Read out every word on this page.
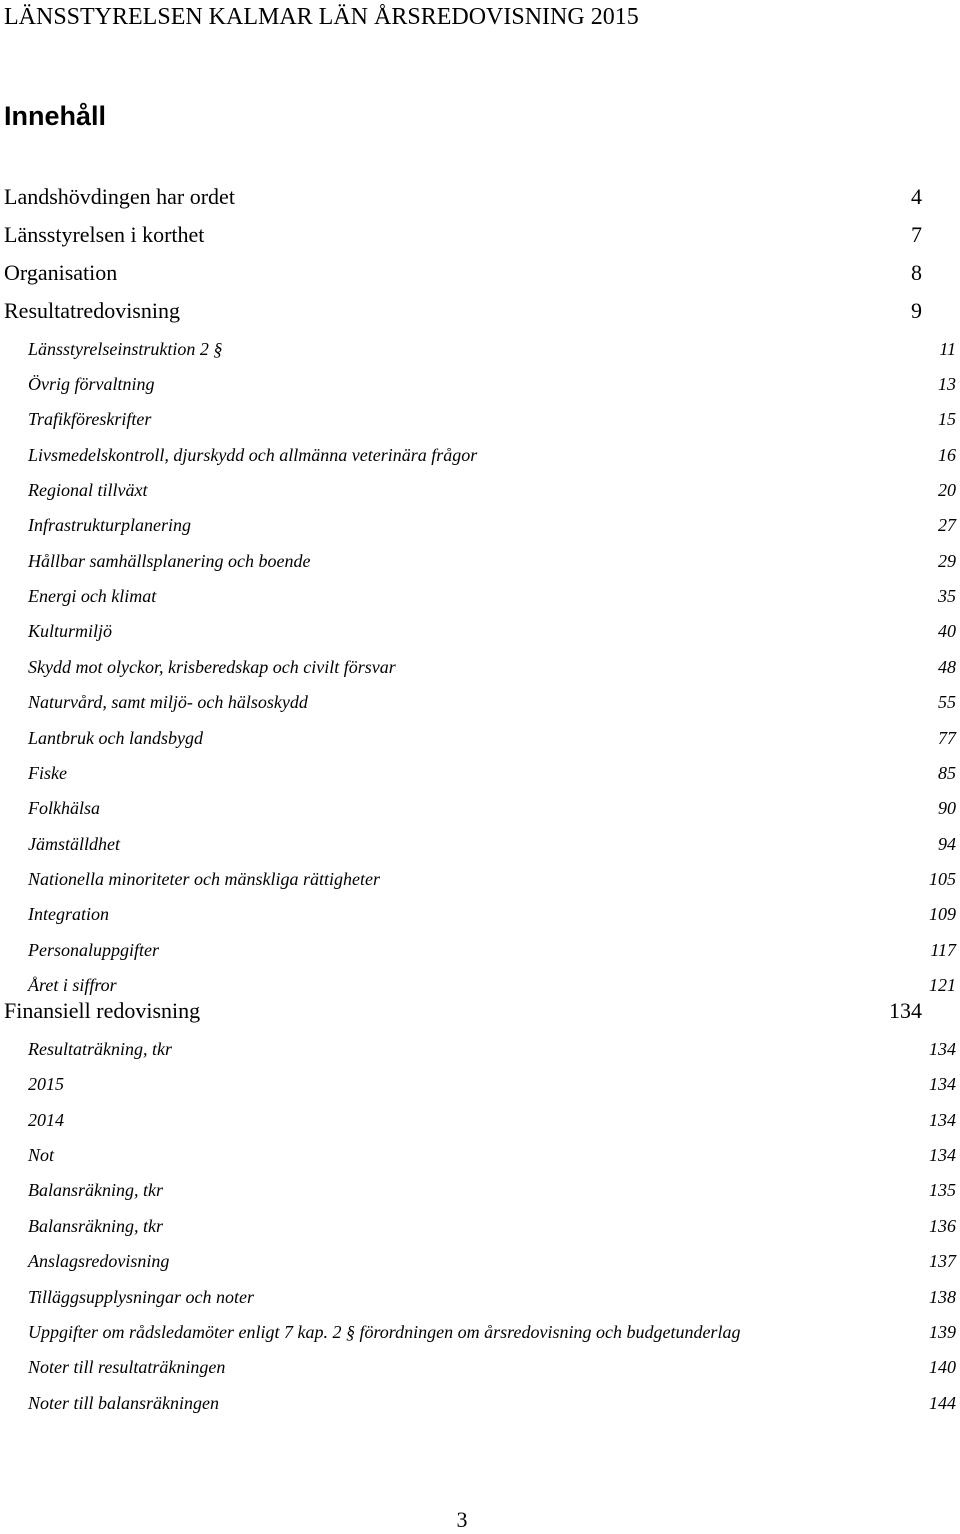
LÄNSSTYRELSEN KALMAR LÄN ÅRSREDOVISNING 2015
Innehåll
Landshövdingen har ordet	4
Länsstyrelsen i korthet	7
Organisation	8
Resultatredovisning	9
Länsstyrelseinstruktion 2 §	11
Övrig förvaltning	13
Trafikföreskrifter	15
Livsmedelskontroll, djurskydd och allmänna veterinära frågor	16
Regional tillväxt	20
Infrastrukturplanering	27
Hållbar samhällsplanering och boende	29
Energi och klimat	35
Kulturmiljö	40
Skydd mot olyckor, krisberedskap och civilt försvar	48
Naturvård, samt miljö- och hälsoskydd	55
Lantbruk och landsbygd	77
Fiske	85
Folkhälsa	90
Jämställdhet	94
Nationella minoriteter och mänskliga rättigheter	105
Integration	109
Personaluppgifter	117
Året i siffror	121
Finansiell redovisning	134
Resultaträkning, tkr	134
2015	134
2014	134
Not	134
Balansräkning, tkr	135
Balansräkning, tkr	136
Anslagsredovisning	137
Tilläggsupplysningar och noter	138
Uppgifter om rådsledamöter enligt 7 kap. 2 § förordningen om årsredovisning och budgetunderlag	139
Noter till resultaträkningen	140
Noter till balansräkningen	144
3
